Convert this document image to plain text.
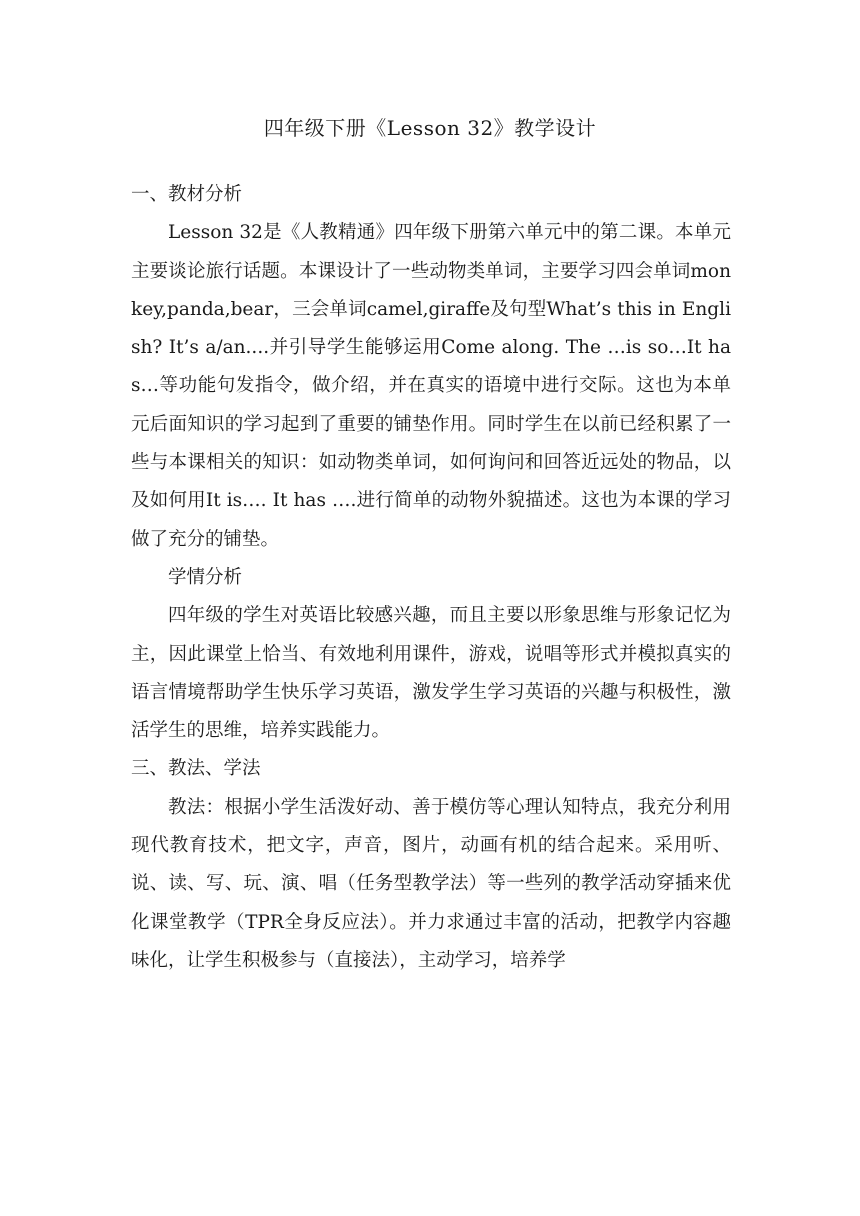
四年级下册《Lesson 32》教学设计

一、教材分析

Lesson 32是《人教精通》四年级下册第六单元中的第二课。本单元主要谈论旅行话题。本课设计了一些动物类单词，主要学习四会单词monkey,panda,bear，三会单词camel,giraffe及句型What’s this in English? It’s a/an....并引导学生能够运用Come along. The …is so…It has…等功能句发指令，做介绍，并在真实的语境中进行交际。这也为本单元后面知识的学习起到了重要的铺垫作用。同时学生在以前已经积累了一些与本课相关的知识：如动物类单词，如何询问和回答近远处的物品，以及如何用It is…. It has ….进行简单的动物外貌描述。这也为本课的学习做了充分的铺垫。

学情分析

四年级的学生对英语比较感兴趣，而且主要以形象思维与形象记忆为主，因此课堂上恰当、有效地利用课件，游戏，说唱等形式并模拟真实的语言情境帮助学生快乐学习英语，激发学生学习英语的兴趣与积极性，激活学生的思维，培养实践能力。

三、教法、学法

教法：根据小学生活泼好动、善于模仿等心理认知特点，我充分利用现代教育技术，把文字，声音，图片，动画有机的结合起来。采用听、说、读、写、玩、演、唱（任务型教学法）等一些列的教学活动穿插来优化课堂教学（TPR全身反应法）。并力求通过丰富的活动，把教学内容趣味化，让学生积极参与（直接法），主动学习，培养学
